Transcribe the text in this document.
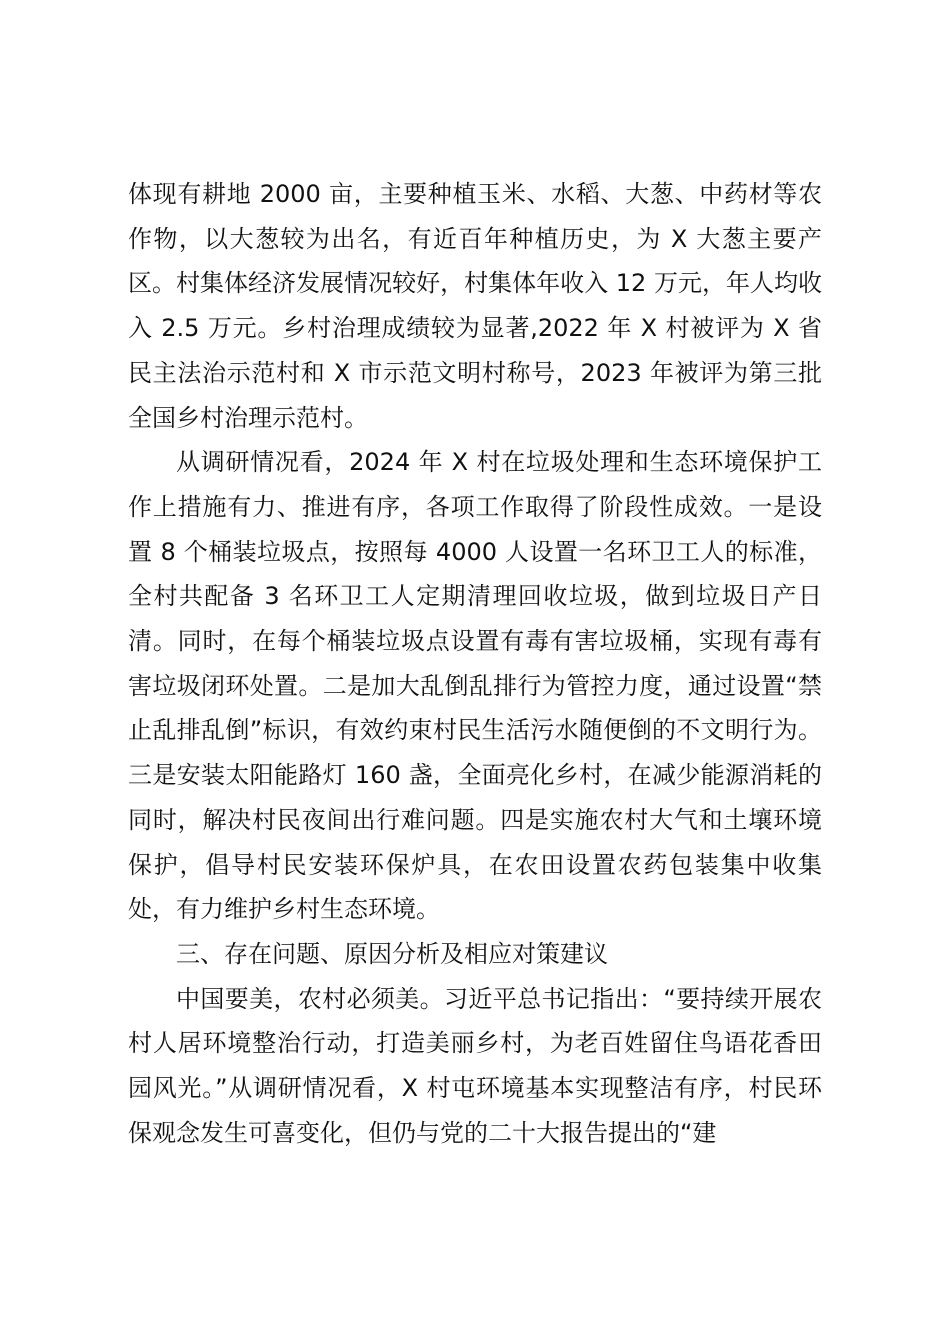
体现有耕地 2000 亩，主要种植玉米、水稻、大葱、中药材等农作物，以大葱较为出名，有近百年种植历史，为 X 大葱主要产区。村集体经济发展情况较好，村集体年收入 12 万元，年人均收入 2.5 万元。乡村治理成绩较为显著,2022 年 X 村被评为 X 省民主法治示范村和 X 市示范文明村称号，2023 年被评为第三批全国乡村治理示范村。

从调研情况看，2024 年 X 村在垃圾处理和生态环境保护工作上措施有力、推进有序，各项工作取得了阶段性成效。一是设置 8 个桶装垃圾点，按照每 4000 人设置一名环卫工人的标准，全村共配备 3 名环卫工人定期清理回收垃圾，做到垃圾日产日清。同时，在每个桶装垃圾点设置有毒有害垃圾桶，实现有毒有害垃圾闭环处置。二是加大乱倒乱排行为管控力度，通过设置“禁止乱排乱倒”标识，有效约束村民生活污水随便倒的不文明行为。三是安装太阳能路灯 160 盏，全面亮化乡村，在减少能源消耗的同时，解决村民夜间出行难问题。四是实施农村大气和土壤环境保护，倡导村民安装环保炉具，在农田设置农药包装集中收集处，有力维护乡村生态环境。

三、存在问题、原因分析及相应对策建议

中国要美，农村必须美。习近平总书记指出：“要持续开展农村人居环境整治行动，打造美丽乡村，为老百姓留住鸟语花香田园风光。”从调研情况看，X 村屯环境基本实现整洁有序，村民环保观念发生可喜变化，但仍与党的二十大报告提出的“建
